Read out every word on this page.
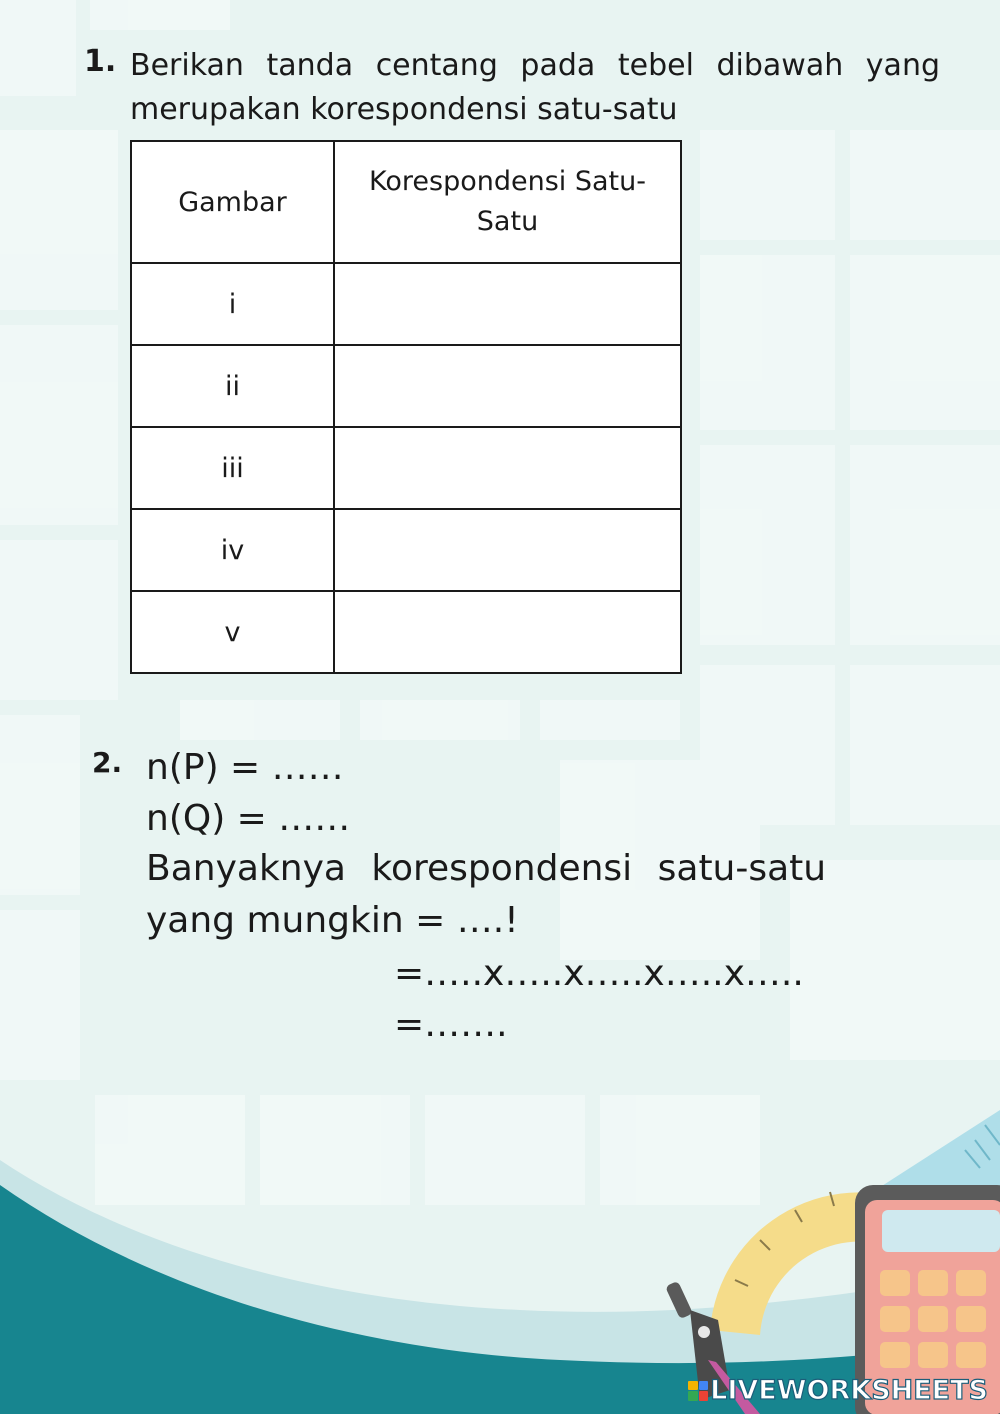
1. Berikan tanda centang pada tebel dibawah yang merupakan korespondensi satu-satu
Gambar	Korespondensi Satu-Satu
i	
ii	
iii	
iv	
v	
2. n(P) = ……
n(Q) = ……
Banyaknya korespondensi satu-satu
yang mungkin = ….!
=…..x…..x…..x…..x…..
=…….
LIVEWORKSHEETS
